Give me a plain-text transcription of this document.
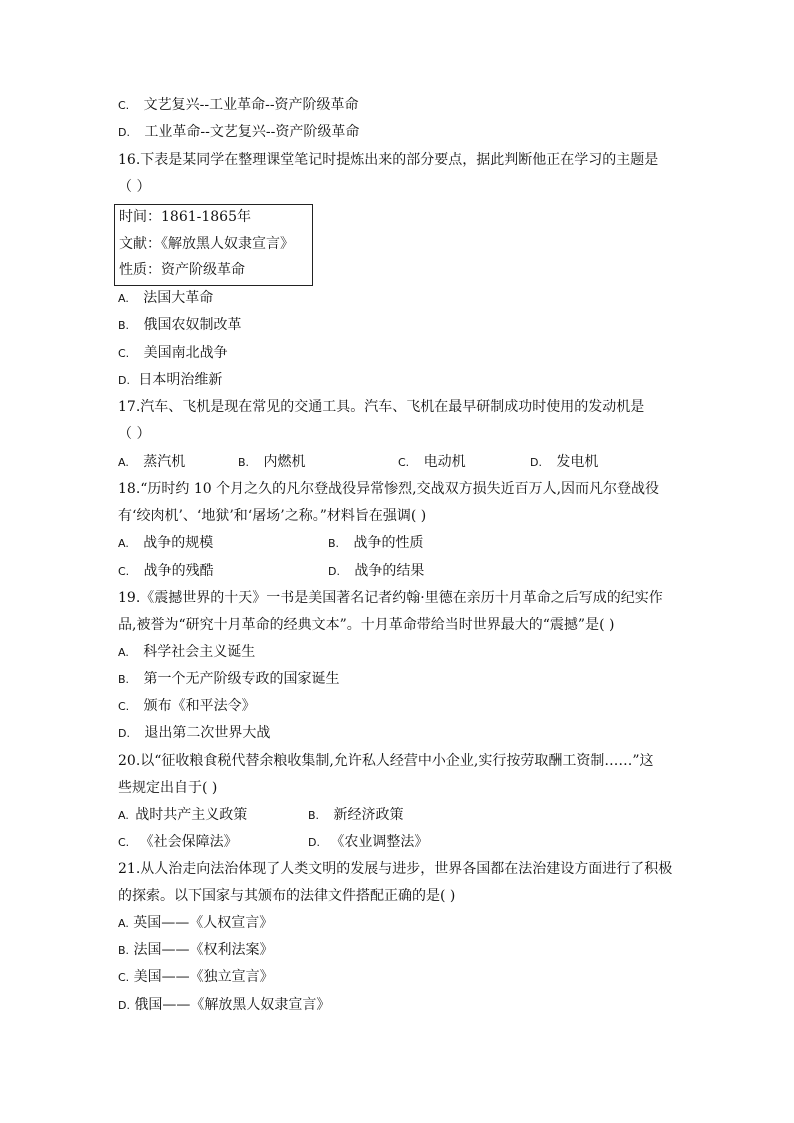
C. 文艺复兴--工业革命--资产阶级革命
D. 工业革命--文艺复兴--资产阶级革命
16.下表是某同学在整理课堂笔记时提炼出来的部分要点，据此判断他正在学习的主题是
（ ）
时间：1861-1865年
文献：《解放黑人奴隶宣言》
性质：资产阶级革命
A. 法国大革命
B. 俄国农奴制改革
C. 美国南北战争
D. 日本明治维新
17.汽车、飞机是现在常见的交通工具。汽车、飞机在最早研制成功时使用的发动机是
（ ）
A. 蒸汽机	B. 内燃机	C. 电动机	D. 发电机
18.“历时约 10 个月之久的凡尔登战役异常惨烈,交战双方损失近百万人,因而凡尔登战役
有‘绞肉机’、‘地狱’和‘屠场’之称。”材料旨在强调( )
A. 战争的规模	B. 战争的性质
C. 战争的残酷	D. 战争的结果
19.《震撼世界的十天》一书是美国著名记者约翰·里德在亲历十月革命之后写成的纪实作
品,被誉为“研究十月革命的经典文本”。十月革命带给当时世界最大的“震撼”是( )
A. 科学社会主义诞生
B. 第一个无产阶级专政的国家诞生
C. 颁布《和平法令》
D. 退出第二次世界大战
20.以“征收粮食税代替余粮收集制,允许私人经营中小企业,实行按劳取酬工资制……”这
些规定出自于( )
A. 战时共产主义政策	B. 新经济政策
C. 《社会保障法》	D. 《农业调整法》
21.从人治走向法治体现了人类文明的发展与进步，世界各国都在法治建设方面进行了积极
的探索。以下国家与其颁布的法律文件搭配正确的是( )
A. 英国——《人权宣言》
B. 法国——《权利法案》
C. 美国——《独立宣言》
D. 俄国——《解放黑人奴隶宣言》
